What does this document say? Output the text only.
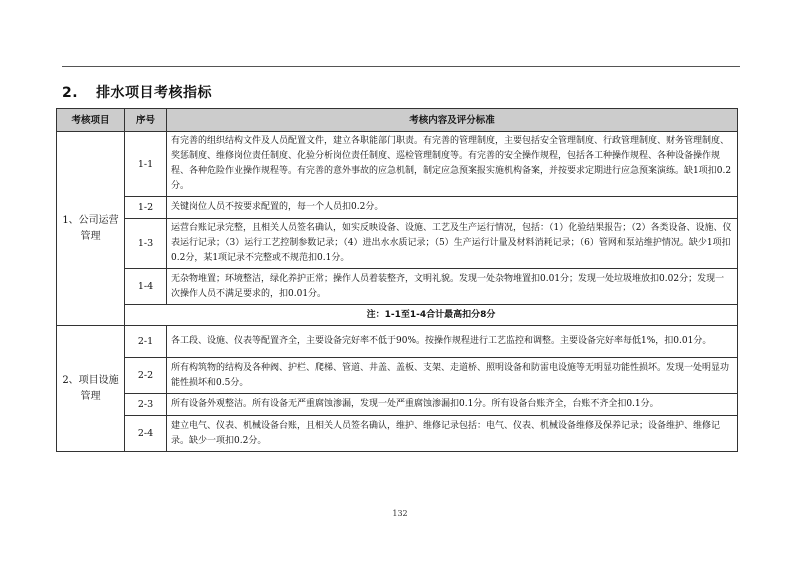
2. 排水项目考核指标
考核项目	序号	考核内容及评分标准
1、公司运营管理	1-1	有完善的组织结构文件及人员配置文件，建立各职能部门职责。有完善的管理制度，主要包括安全管理制度、行政管理制度、财务管理制度、奖惩制度、维修岗位责任制度、化验分析岗位责任制度、巡检管理制度等。有完善的安全操作规程，包括各工种操作规程、各种设备操作规程、各种危险作业操作规程等。有完善的意外事故的应急机制，制定应急预案报实施机构备案，并按要求定期进行应急预案演练。缺1项扣0.2分。
	1-2	关键岗位人员不按要求配置的，每一个人员扣0.2分。
	1-3	运营台账记录完整，且相关人员签名确认，如实反映设备、设施、工艺及生产运行情况，包括：（1）化验结果报告；（2）各类设备、设施、仪表运行记录；（3）运行工艺控制参数记录；（4）进出水水质记录；（5）生产运行计量及材料消耗记录；（6）管网和泵站维护情况。缺少1项扣0.2分，某1项记录不完整或不规范扣0.1分。
	1-4	无杂物堆置；环境整洁，绿化养护正常；操作人员着装整齐，文明礼貌。发现一处杂物堆置扣0.01分；发现一处垃圾堆放扣0.02分；发现一次操作人员不满足要求的，扣0.01分。
	注：1-1至1-4合计最高扣分8分	
2、项目设施管理	2-1	各工段、设施、仪表等配置齐全，主要设备完好率不低于90%。按操作规程进行工艺监控和调整。主要设备完好率每低1%，扣0.01分。
	2-2	所有构筑物的结构及各种阀、护栏、爬梯、管道、井盖、盖板、支架、走道桥、照明设备和防雷电设施等无明显功能性损坏。发现一处明显功能性损坏和0.5分。
	2-3	所有设备外观整洁。所有设备无严重腐蚀渗漏，发现一处严重腐蚀渗漏扣0.1分。所有设备台账齐全，台账不齐全扣0.1分。
	2-4	建立电气、仪表、机械设备台账，且相关人员签名确认，维护、维修记录包括：电气、仪表、机械设备维修及保养记录；设备维护、维修记录。缺少一项扣0.2分。
132
